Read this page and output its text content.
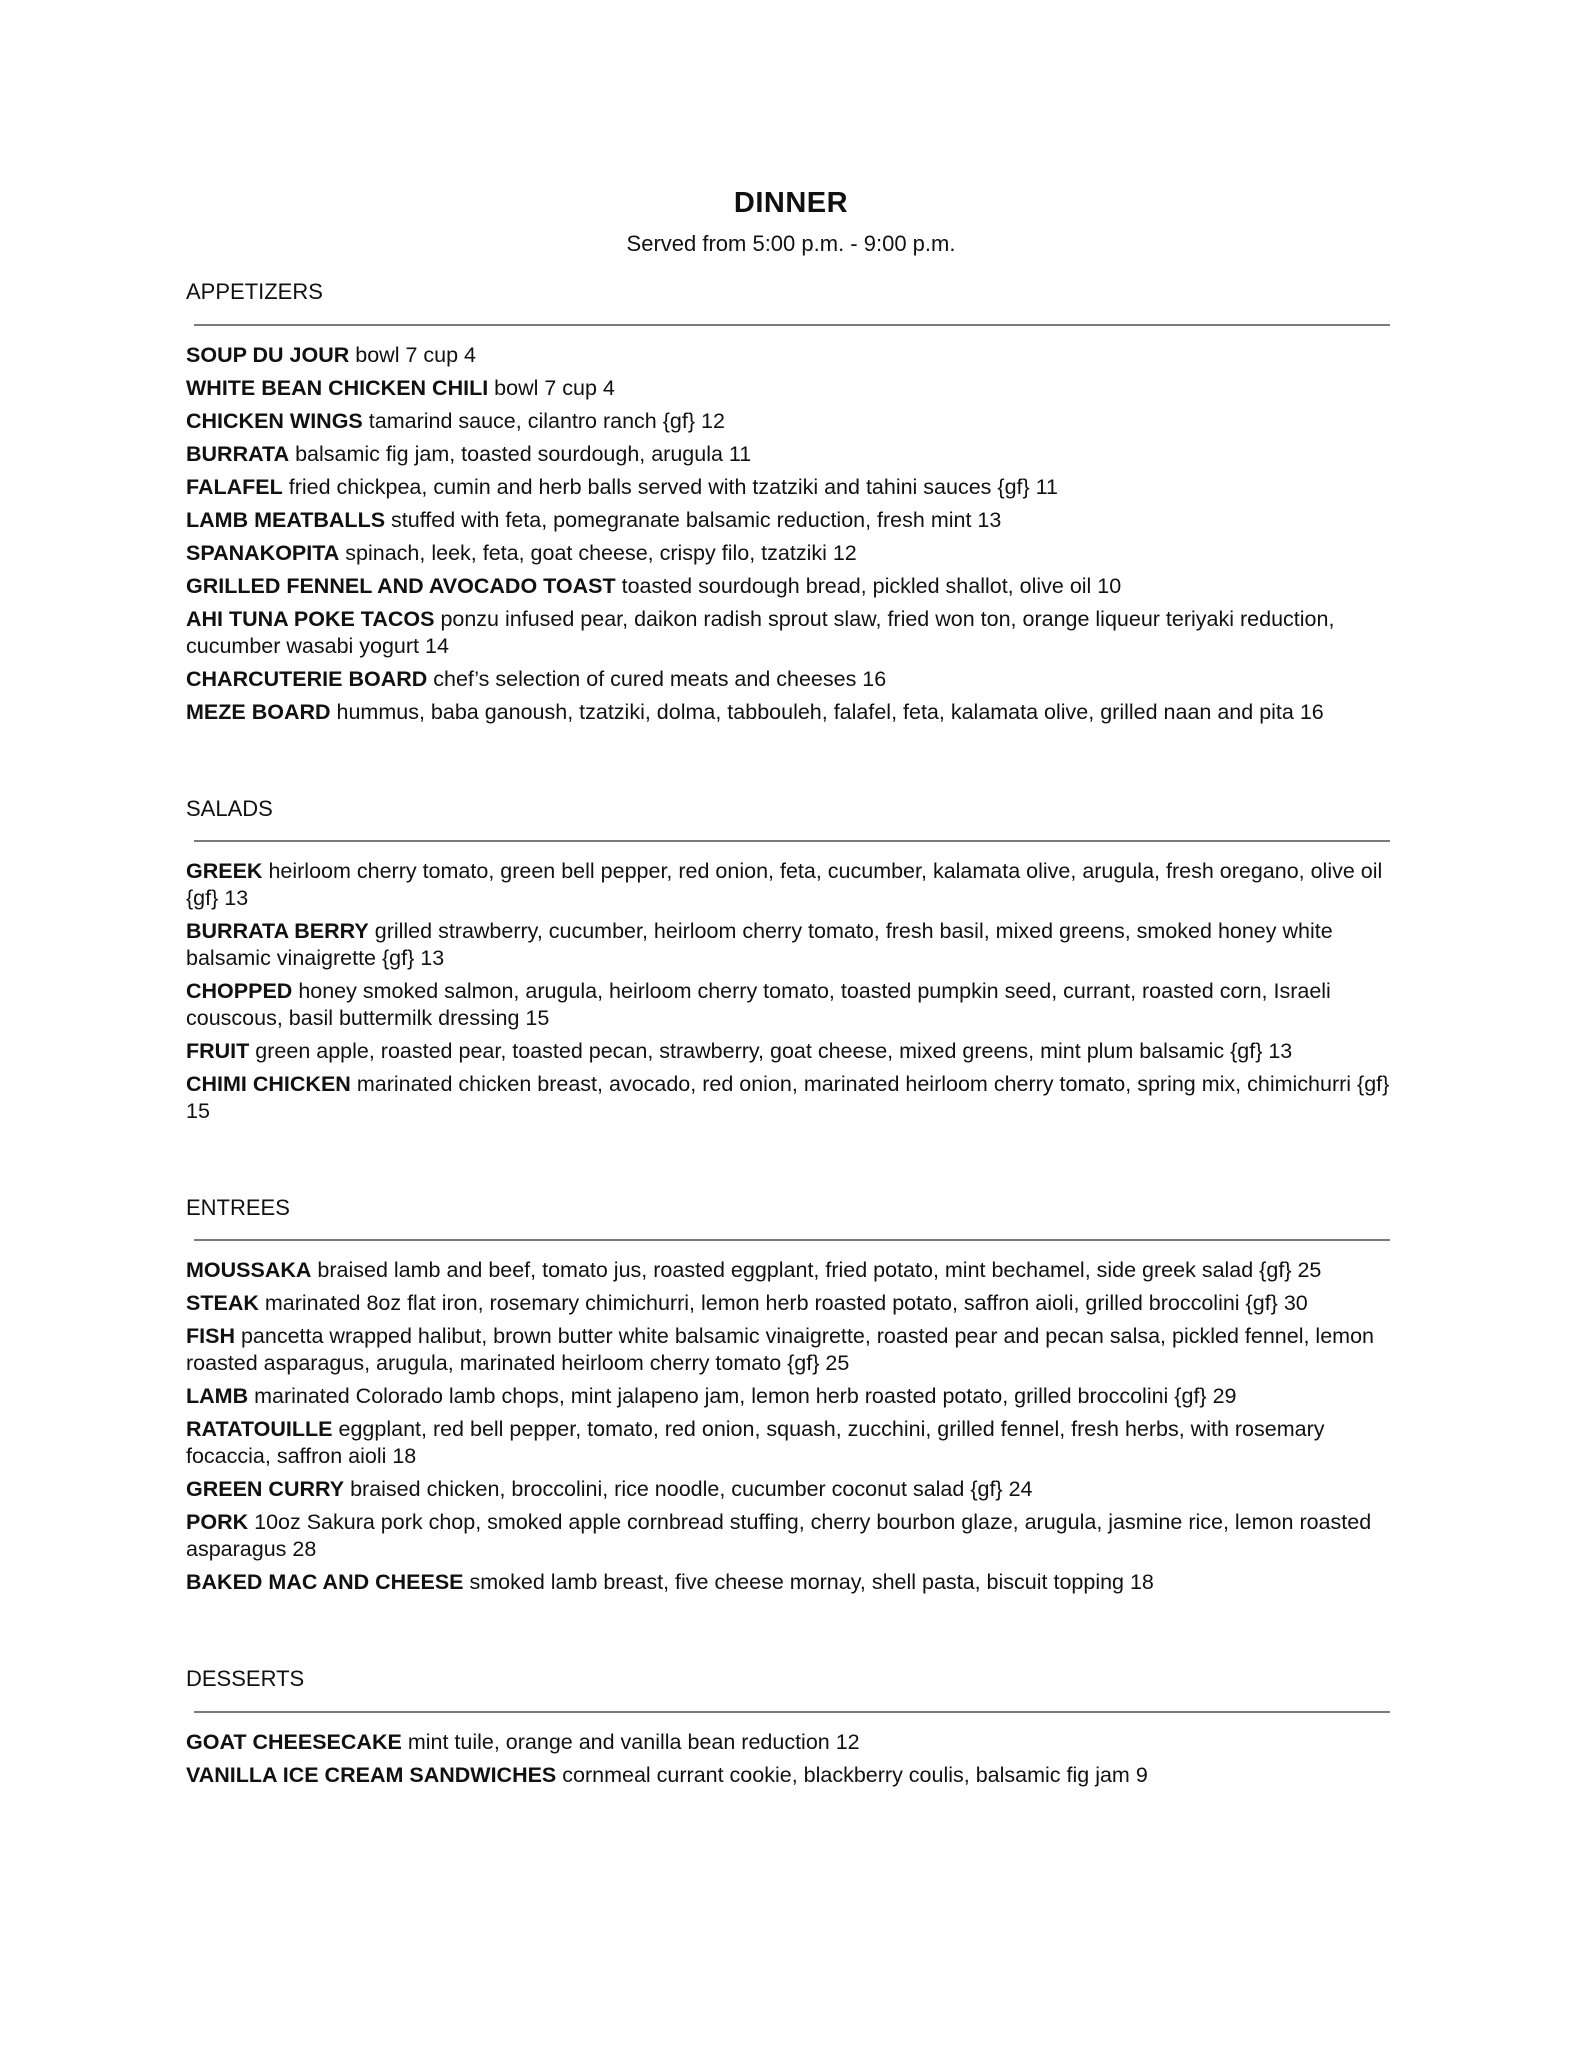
DINNER
Served from 5:00 p.m. - 9:00 p.m.
APPETIZERS
SOUP DU JOUR bowl 7 cup 4
WHITE BEAN CHICKEN CHILI bowl 7 cup 4
CHICKEN WINGS tamarind sauce, cilantro ranch {gf} 12
BURRATA balsamic fig jam, toasted sourdough, arugula 11
FALAFEL fried chickpea, cumin and herb balls served with tzatziki and tahini sauces {gf} 11
LAMB MEATBALLS stuffed with feta, pomegranate balsamic reduction, fresh mint 13
SPANAKOPITA spinach, leek, feta, goat cheese, crispy filo, tzatziki 12
GRILLED FENNEL AND AVOCADO TOAST toasted sourdough bread, pickled shallot, olive oil 10
AHI TUNA POKE TACOS ponzu infused pear, daikon radish sprout slaw, fried won ton, orange liqueur teriyaki reduction, cucumber wasabi yogurt 14
CHARCUTERIE BOARD chef’s selection of cured meats and cheeses 16
MEZE BOARD hummus, baba ganoush, tzatziki, dolma, tabbouleh, falafel, feta, kalamata olive, grilled naan and pita 16
SALADS
GREEK heirloom cherry tomato, green bell pepper, red onion, feta, cucumber, kalamata olive, arugula, fresh oregano, olive oil {gf} 13
BURRATA BERRY grilled strawberry, cucumber, heirloom cherry tomato, fresh basil, mixed greens, smoked honey white balsamic vinaigrette {gf} 13
CHOPPED honey smoked salmon, arugula, heirloom cherry tomato, toasted pumpkin seed, currant, roasted corn, Israeli couscous, basil buttermilk dressing 15
FRUIT green apple, roasted pear, toasted pecan, strawberry, goat cheese, mixed greens, mint plum balsamic {gf} 13
CHIMI CHICKEN marinated chicken breast, avocado, red onion, marinated heirloom cherry tomato, spring mix, chimichurri {gf} 15
ENTREES
MOUSSAKA braised lamb and beef, tomato jus, roasted eggplant, fried potato, mint bechamel, side greek salad {gf} 25
STEAK marinated 8oz flat iron, rosemary chimichurri, lemon herb roasted potato, saffron aioli, grilled broccolini {gf} 30
FISH pancetta wrapped halibut, brown butter white balsamic vinaigrette, roasted pear and pecan salsa, pickled fennel, lemon roasted asparagus, arugula, marinated heirloom cherry tomato {gf} 25
LAMB marinated Colorado lamb chops, mint jalapeno jam, lemon herb roasted potato, grilled broccolini {gf} 29
RATATOUILLE eggplant, red bell pepper, tomato, red onion, squash, zucchini, grilled fennel, fresh herbs, with rosemary focaccia, saffron aioli 18
GREEN CURRY braised chicken, broccolini, rice noodle, cucumber coconut salad {gf} 24
PORK 10oz Sakura pork chop, smoked apple cornbread stuffing, cherry bourbon glaze, arugula, jasmine rice, lemon roasted asparagus 28
BAKED MAC AND CHEESE smoked lamb breast, five cheese mornay, shell pasta, biscuit topping 18
DESSERTS
GOAT CHEESECAKE mint tuile, orange and vanilla bean reduction 12
VANILLA ICE CREAM SANDWICHES cornmeal currant cookie, blackberry coulis, balsamic fig jam 9
